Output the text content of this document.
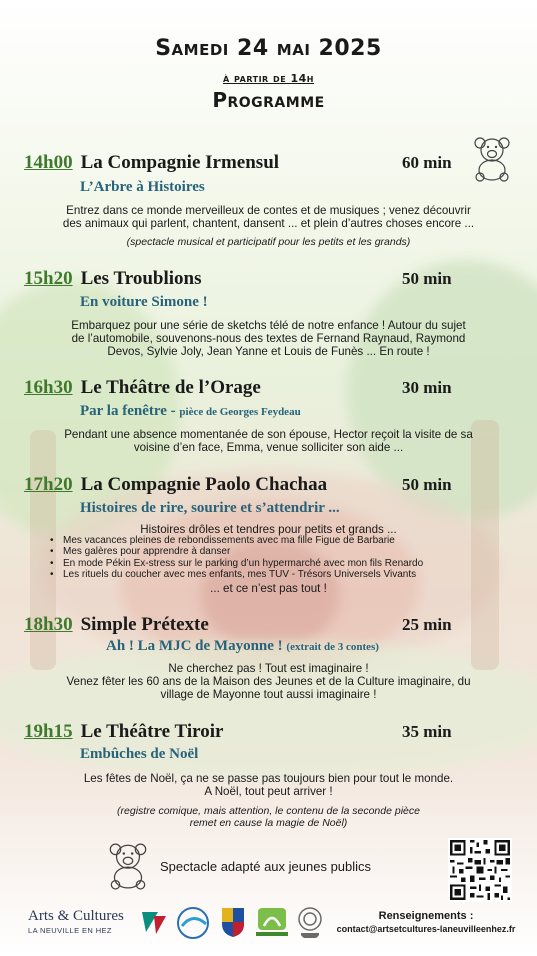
Samedi 24 mai 2025
à partir de 14h
Programme
14h00 La Compagnie Irmensul	60 min
L’Arbre à Histoires
Entrez dans ce monde merveilleux de contes et de musiques ; venez découvrir
des animaux qui parlent, chantent, dansent ... et plein d’autres choses encore ...
(spectacle musical et participatif pour les petits et les grands)
15h20 Les Troublions	50 min
En voiture Simone !
Embarquez pour une série de sketchs télé de notre enfance ! Autour du sujet
de l’automobile, souvenons-nous des textes de Fernand Raynaud, Raymond
Devos, Sylvie Joly, Jean Yanne et Louis de Funès ... En route !
16h30 Le Théâtre de l’Orage	30 min
Par la fenêtre - pièce de Georges Feydeau
Pendant une absence momentanée de son épouse, Hector reçoit la visite de sa
voisine d’en face, Emma, venue solliciter son aide ...
17h20 La Compagnie Paolo Chachaa	50 min
Histoires de rire, sourire et s’attendrir ...
Histoires drôles et tendres pour petits et grands ...
• Mes vacances pleines de rebondissements avec ma fille Figue de Barbarie
• Mes galères pour apprendre à danser
• En mode Pékin Ex-stress sur le parking d’un hypermarché avec mon fils Renardo
• Les rituels du coucher avec mes enfants, mes TUV - Trésors Universels Vivants
... et ce n’est pas tout !
18h30 Simple Prétexte	25 min
Ah ! La MJC de Mayonne ! (extrait de 3 contes)
Ne cherchez pas ! Tout est imaginaire !
Venez fêter les 60 ans de la Maison des Jeunes et de la Culture imaginaire, du
village de Mayonne tout aussi imaginaire !
19h15 Le Théâtre Tiroir	35 min
Embûches de Noël
Les fêtes de Noël, ça ne se passe pas toujours bien pour tout le monde.
A Noël, tout peut arriver !
(registre comique, mais attention, le contenu de la seconde pièce
remet en cause la magie de Noël)
Spectacle adapté aux jeunes publics
Arts & Cultures
LA NEUVILLE EN HEZ
Renseignements :
contact@artsetcultures-laneuvilleenhez.fr
